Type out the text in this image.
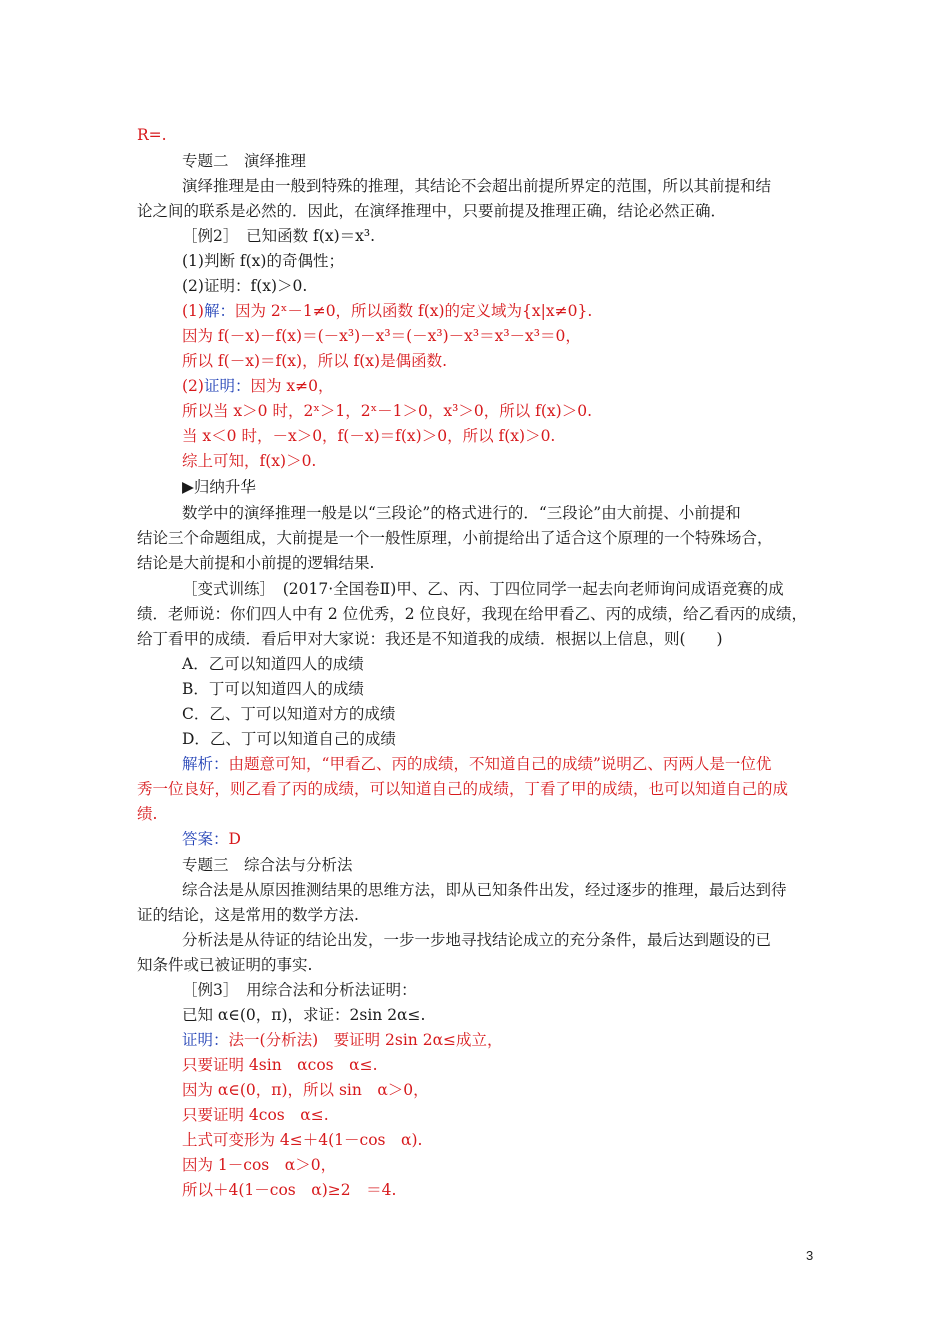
R=.
专题二　演绎推理
演绎推理是由一般到特殊的推理，其结论不会超出前提所界定的范围，所以其前提和结
论之间的联系是必然的．因此，在演绎推理中，只要前提及推理正确，结论必然正确．
［例2］　已知函数 f(x)＝x³.
(1)判断 f(x)的奇偶性；
(2)证明：f(x)＞0.
(1)解：因为 2ˣ－1≠0，所以函数 f(x)的定义域为{x|x≠0}.
因为 f(－x)－f(x)＝(－x³)－x³＝(－x³)－x³＝x³－x³＝0，
所以 f(－x)＝f(x)，所以 f(x)是偶函数.
(2)证明：因为 x≠0，
所以当 x＞0 时，2ˣ＞1，2ˣ－1＞0，x³＞0，所以 f(x)＞0.
当 x＜0 时，－x＞0，f(－x)＝f(x)＞0，所以 f(x)＞0.
综上可知，f(x)＞0.
▶归纳升华
数学中的演绎推理一般是以“三段论”的格式进行的．“三段论”由大前提、小前提和
结论三个命题组成，大前提是一个一般性原理，小前提给出了适合这个原理的一个特殊场合，
结论是大前提和小前提的逻辑结果.
［变式训练］　(2017·全国卷Ⅱ)甲、乙、丙、丁四位同学一起去向老师询问成语竞赛的成
绩．老师说：你们四人中有 2 位优秀，2 位良好，我现在给甲看乙、丙的成绩，给乙看丙的成绩，
给丁看甲的成绩．看后甲对大家说：我还是不知道我的成绩．根据以上信息，则(　　)
A．乙可以知道四人的成绩
B．丁可以知道四人的成绩
C．乙、丁可以知道对方的成绩
D．乙、丁可以知道自己的成绩
解析：由题意可知，“甲看乙、丙的成绩，不知道自己的成绩”说明乙、丙两人是一位优
秀一位良好，则乙看了丙的成绩，可以知道自己的成绩，丁看了甲的成绩，也可以知道自己的成
绩.
答案：D
专题三　综合法与分析法
综合法是从原因推测结果的思维方法，即从已知条件出发，经过逐步的推理，最后达到待
证的结论，这是常用的数学方法.
分析法是从待证的结论出发，一步一步地寻找结论成立的充分条件，最后达到题设的已
知条件或已被证明的事实.
［例3］　用综合法和分析法证明：
已知 α∈(0，π)，求证：2sin 2α≤.
证明：法一(分析法)　要证明 2sin 2α≤成立，
只要证明 4sin　αcos　α≤.
因为 α∈(0，π)，所以 sin　α＞0，
只要证明 4cos　α≤.
上式可变形为 4≤＋4(1－cos　α).
因为 1－cos　α＞0，
所以＋4(1－cos　α)≥2　＝4.
3
